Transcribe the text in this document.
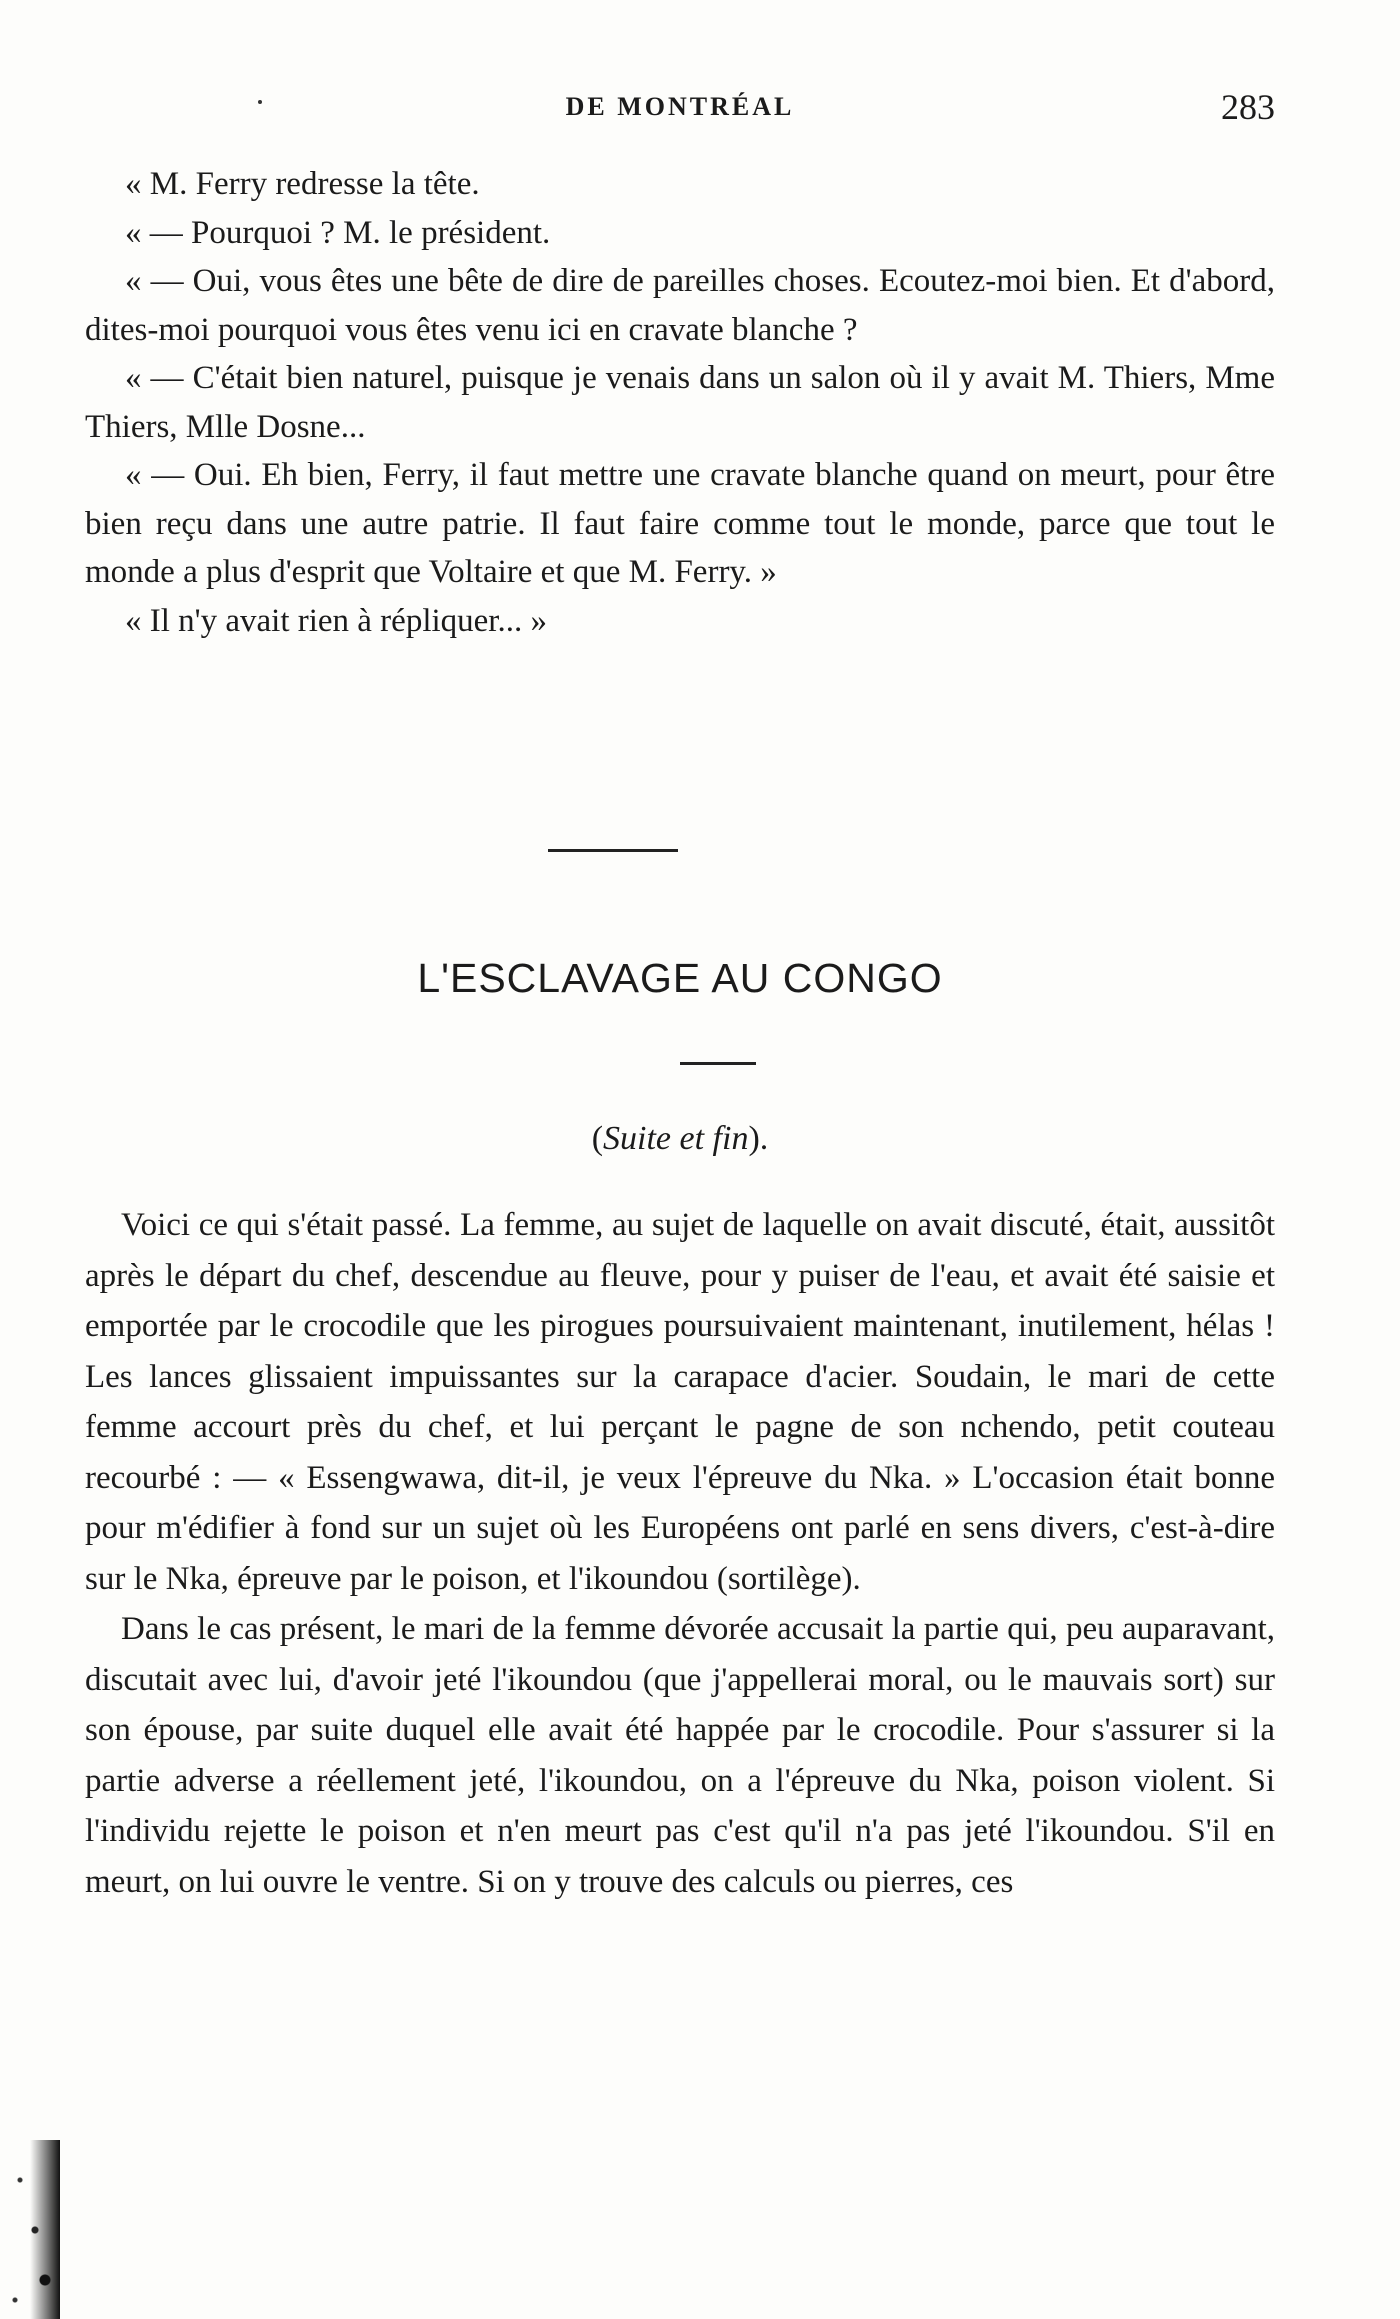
DE MONTRÉAL	283

« M. Ferry redresse la tête.

« — Pourquoi ? M. le président.

« — Oui, vous êtes une bête de dire de pareilles choses. Ecoutez-moi bien. Et d'abord, dites-moi pourquoi vous êtes venu ici en cravate blanche ?

« — C'était bien naturel, puisque je venais dans un salon où il y avait M. Thiers, Mme Thiers, Mlle Dosne...

« — Oui. Eh bien, Ferry, il faut mettre une cravate blanche quand on meurt, pour être bien reçu dans une autre patrie. Il faut faire comme tout le monde, parce que tout le monde a plus d'esprit que Voltaire et que M. Ferry. »

« Il n'y avait rien à répliquer... »

L'ESCLAVAGE AU CONGO
(Suite et fin).

Voici ce qui s'était passé. La femme, au sujet de laquelle on avait discuté, était, aussitôt après le départ du chef, descendue au fleuve, pour y puiser de l'eau, et avait été saisie et emportée par le crocodile que les pirogues poursuivaient maintenant, inutilement, hélas ! Les lances glissaient impuissantes sur la carapace d'acier. Soudain, le mari de cette femme accourt près du chef, et lui perçant le pagne de son nchendo, petit couteau recourbé : — « Essengwawa, dit-il, je veux l'épreuve du Nka. » L'occasion était bonne pour m'édifier à fond sur un sujet où les Européens ont parlé en sens divers, c'est-à-dire sur le Nka, épreuve par le poison, et l'ikoundou (sortilège).

Dans le cas présent, le mari de la femme dévorée accusait la partie qui, peu auparavant, discutait avec lui, d'avoir jeté l'ikoundou (que j'appellerai moral, ou le mauvais sort) sur son épouse, par suite duquel elle avait été happée par le crocodile. Pour s'assurer si la partie adverse a réellement jeté, l'ikoundou, on a l'épreuve du Nka, poison violent. Si l'individu rejette le poison et n'en meurt pas c'est qu'il n'a pas jeté l'ikoundou. S'il en meurt, on lui ouvre le ventre. Si on y trouve des calculs ou pierres, ces
